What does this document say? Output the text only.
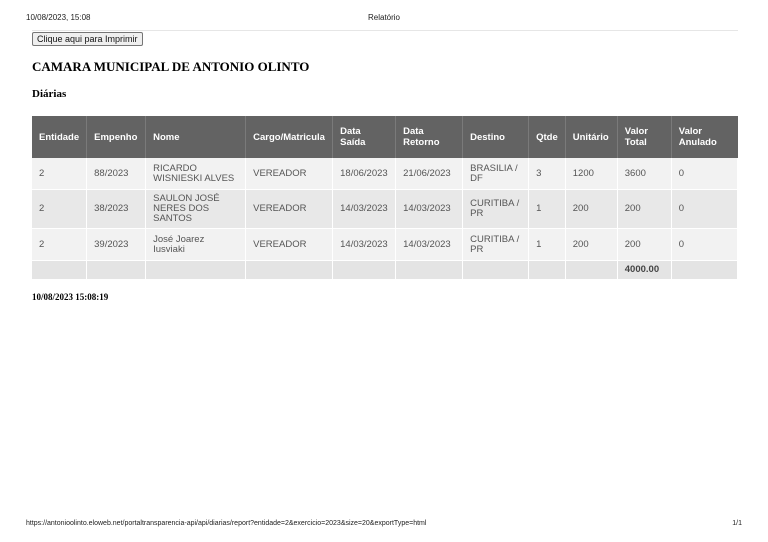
Relatório
10/08/2023, 15:08
Clique aqui para Imprimir
CAMARA MUNICIPAL DE ANTONIO OLINTO
Diárias
Entidade	Empenho	Nome	Cargo/Matricula	Data Saída	Data Retorno	Destino	Qtde	Unitário	Valor Total	Valor Anulado
2	88/2023	RICARDO WISNIESKI ALVES	VEREADOR	18/06/2023	21/06/2023	BRASILIA / DF	3	1200	3600	0
2	38/2023	SAULON JOSÉ NERES DOS SANTOS	VEREADOR	14/03/2023	14/03/2023	CURITIBA / PR	1	200	200	0
2	39/2023	José Joarez Iusviaki	VEREADOR	14/03/2023	14/03/2023	CURITIBA / PR	1	200	200	0
									4000.00	
10/08/2023 15:08:19
https://antonioolinto.eloweb.net/portaltransparencia-api/api/diarias/report?entidade=2&exercicio=2023&size=20&exportType=html	1/1
